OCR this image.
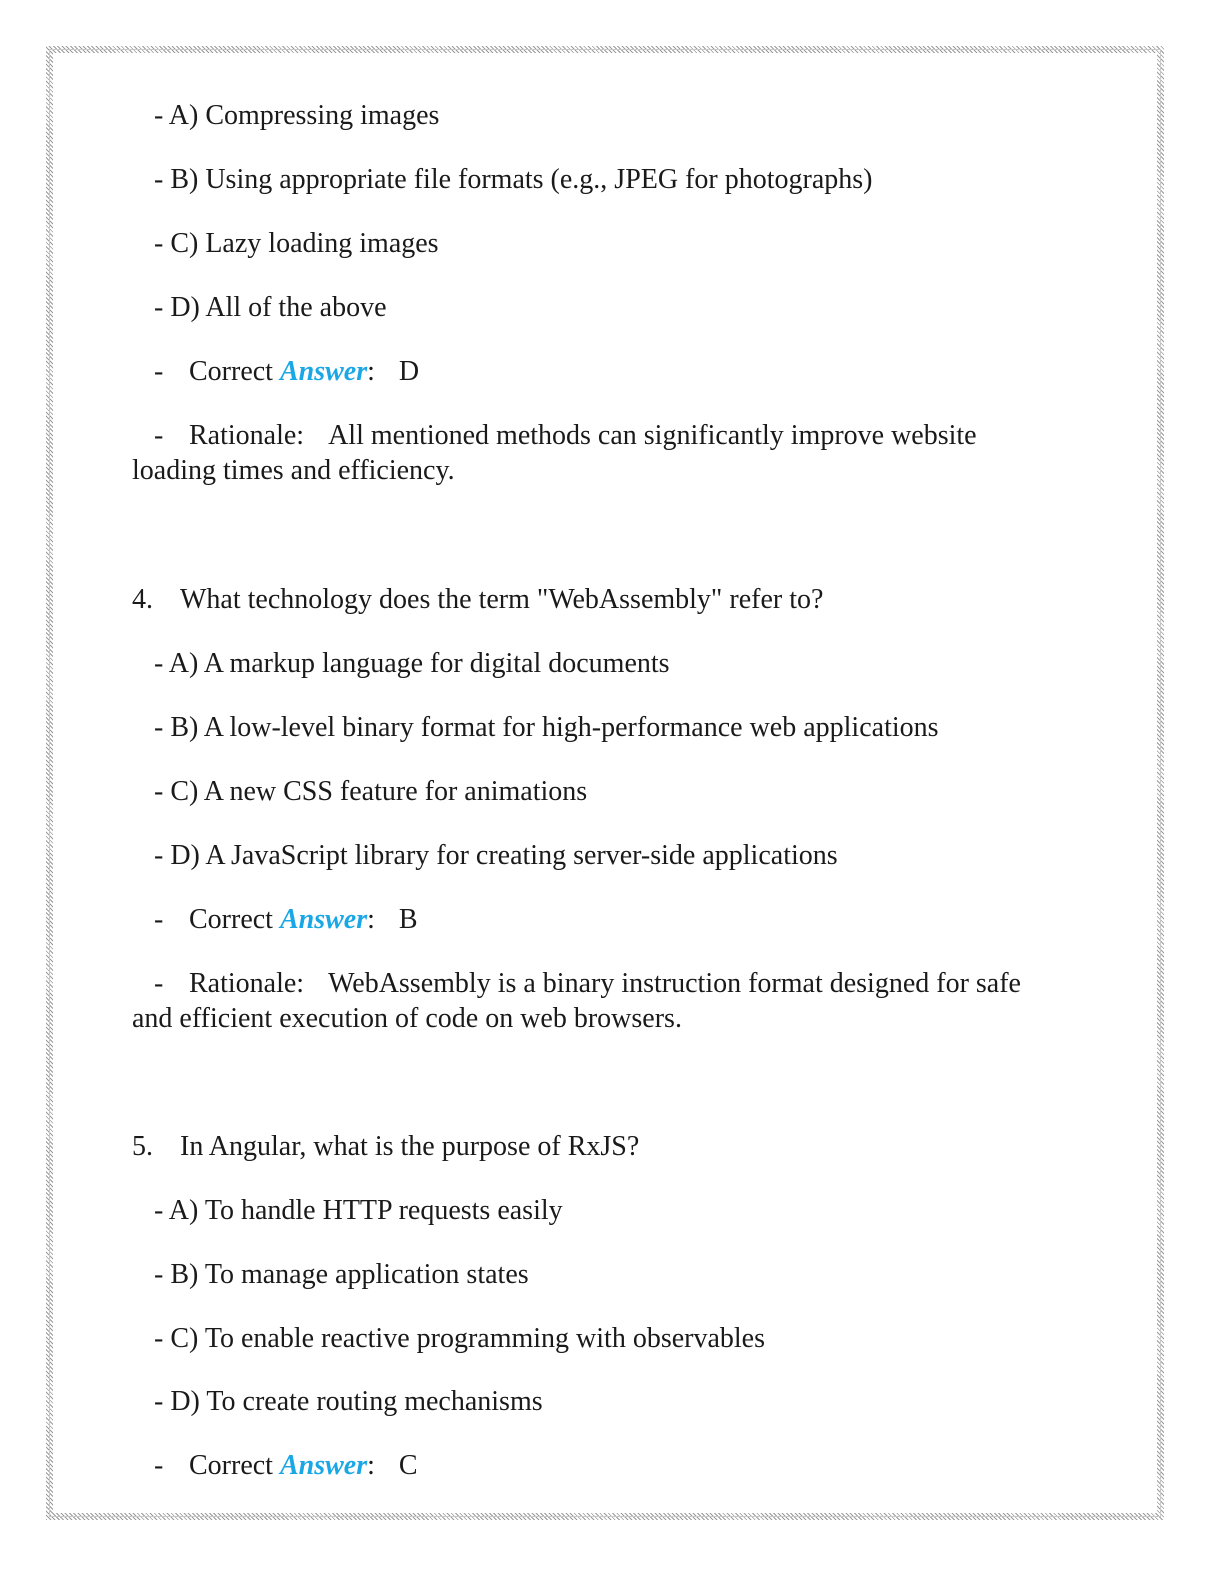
- A) Compressing images

- B) Using appropriate file formats (e.g., JPEG for photographs)

- C) Lazy loading images

- D) All of the above

- Correct Answer: D

- Rationale: All mentioned methods can significantly improve website loading times and efficiency.

4. What technology does the term "WebAssembly" refer to?

- A) A markup language for digital documents

- B) A low-level binary format for high-performance web applications

- C) A new CSS feature for animations

- D) A JavaScript library for creating server-side applications

- Correct Answer: B

- Rationale: WebAssembly is a binary instruction format designed for safe and efficient execution of code on web browsers.

5. In Angular, what is the purpose of RxJS?

- A) To handle HTTP requests easily

- B) To manage application states

- C) To enable reactive programming with observables

- D) To create routing mechanisms

- Correct Answer: C
